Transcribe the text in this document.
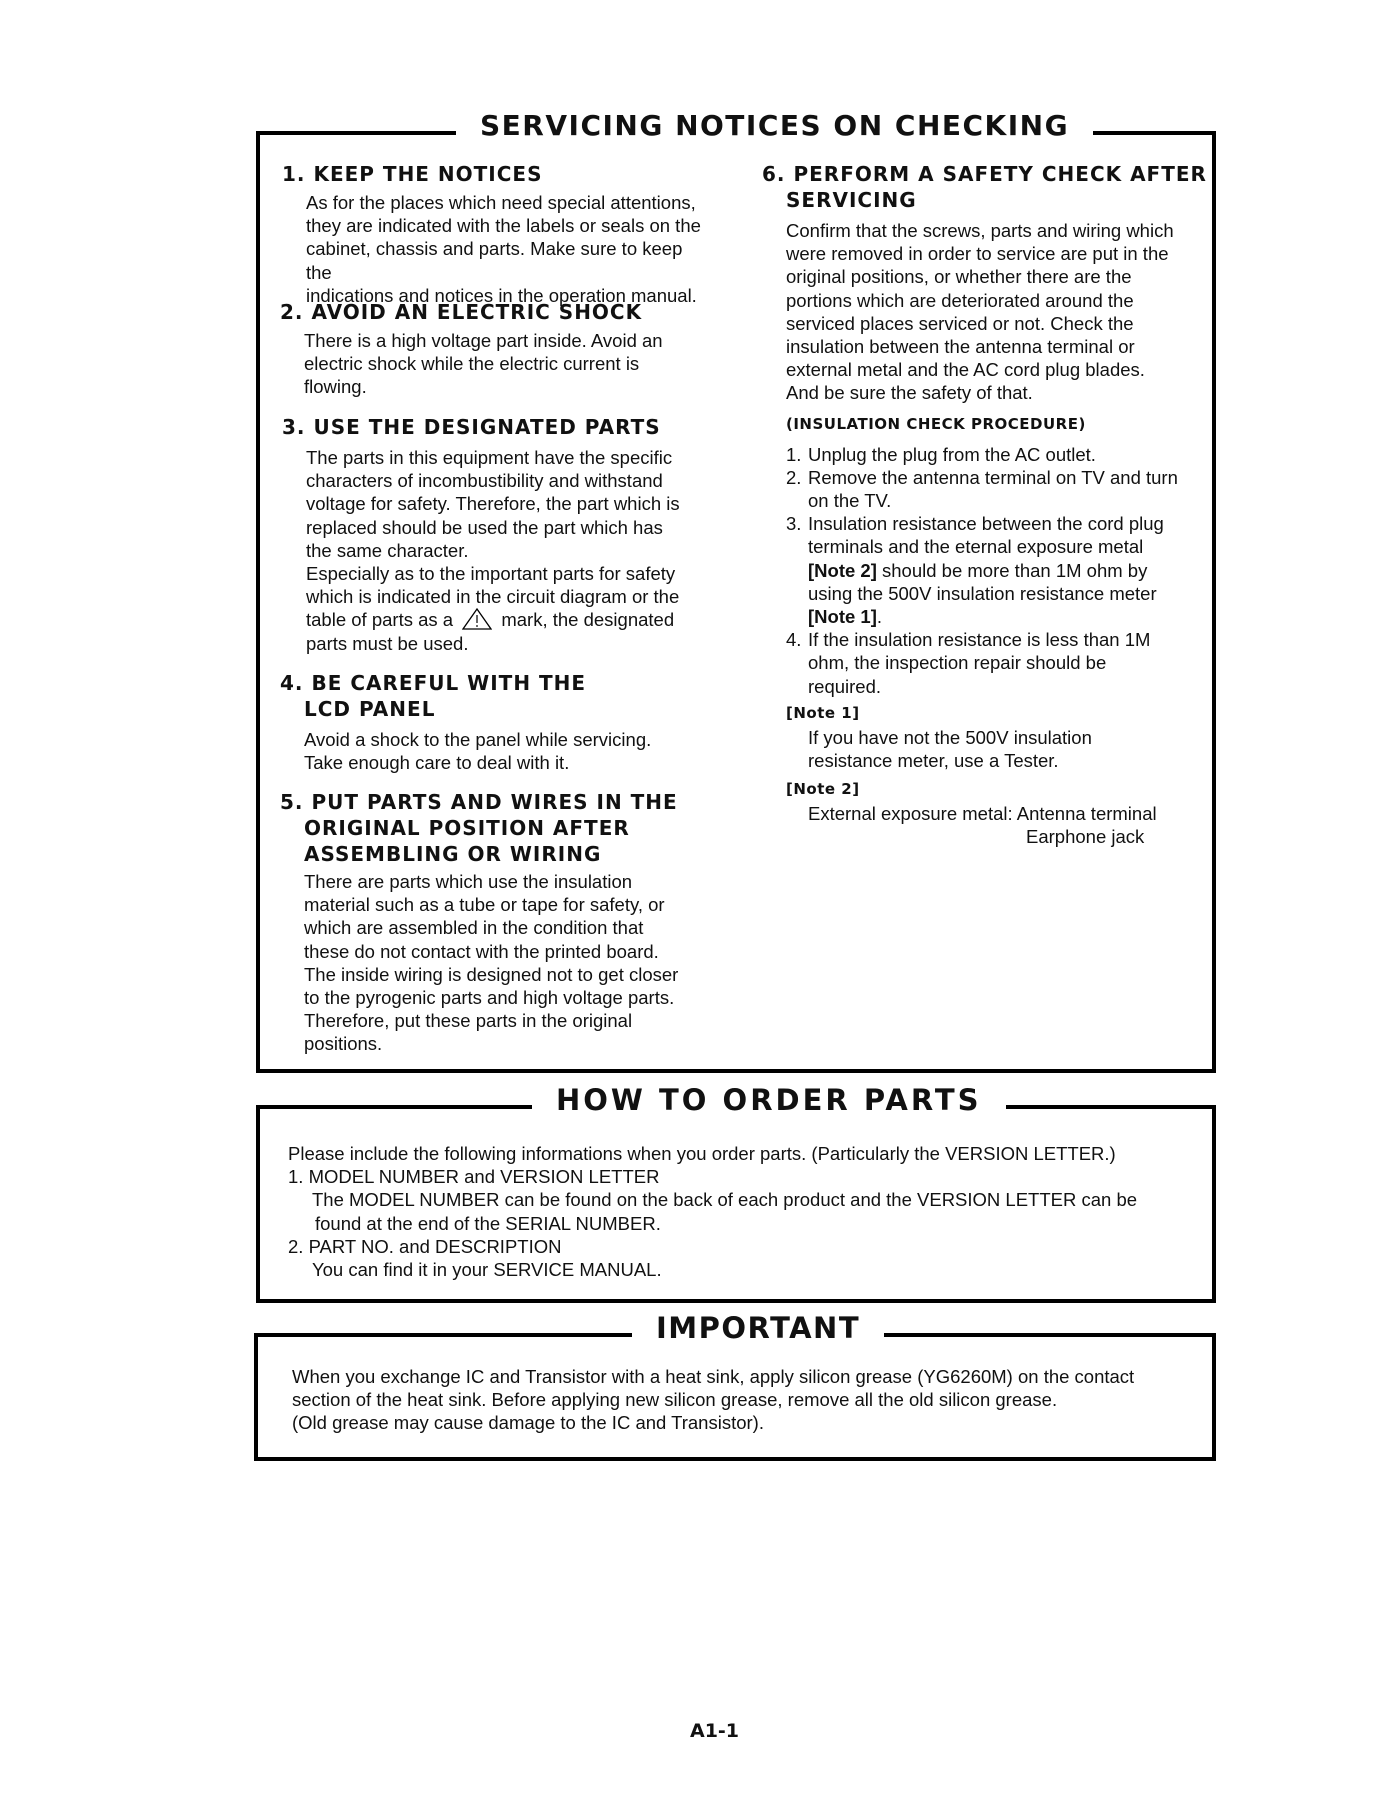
SERVICING NOTICES ON CHECKING

1. KEEP THE NOTICES

As for the places which need special attentions,
they are indicated with the labels or seals on the
cabinet, chassis and parts. Make sure to keep the
indications and notices in the operation manual.

2. AVOID AN ELECTRIC SHOCK

There is a high voltage part inside. Avoid an
electric shock while the electric current is
flowing.

3. USE THE DESIGNATED PARTS

The parts in this equipment have the specific
characters of incombustibility and withstand
voltage for safety. Therefore, the part which is
replaced should be used the part which has
the same character.
Especially as to the important parts for safety
which is indicated in the circuit diagram or the
table of parts as a	mark, the designated
parts must be used.

4. BE CAREFUL WITH THE
LCD PANEL

Avoid a shock to the panel while servicing.
Take enough care to deal with it.

5. PUT PARTS AND WIRES IN THE
ORIGINAL POSITION AFTER
ASSEMBLING OR WIRING

There are parts which use the insulation
material such as a tube or tape for safety, or
which are assembled in the condition that
these do not contact with the printed board.
The inside wiring is designed not to get closer
to the pyrogenic parts and high voltage parts.
Therefore, put these parts in the original
positions.

6. PERFORM A SAFETY CHECK AFTER
SERVICING

Confirm that the screws, parts and wiring which
were removed in order to service are put in the
original positions, or whether there are the
portions which are deteriorated around the
serviced places serviced or not. Check the
insulation between the antenna terminal or
external metal and the AC cord plug blades.
And be sure the safety of that.

(INSULATION CHECK PROCEDURE)

1. Unplug the plug from the AC outlet.
2. Remove the antenna terminal on TV and turn
on the TV.
3. Insulation resistance between the cord plug
terminals and the eternal exposure metal
[Note 2] should be more than 1M ohm by
using the 500V insulation resistance meter
[Note 1].
4. If the insulation resistance is less than 1M
ohm, the inspection repair should be
required.

[Note 1]

If you have not the 500V insulation
resistance meter, use a Tester.

[Note 2]

External exposure metal: Antenna terminal
Earphone jack
HOW TO ORDER PARTS
Please include the following informations when you order parts. (Particularly the VERSION LETTER.)
1. MODEL NUMBER and VERSION LETTER
The MODEL NUMBER can be found on the back of each product and the VERSION LETTER can be
found at the end of the SERIAL NUMBER.
2. PART NO. and DESCRIPTION
You can find it in your SERVICE MANUAL.
IMPORTANT
When you exchange IC and Transistor with a heat sink, apply silicon grease (YG6260M) on the contact
section of the heat sink. Before applying new silicon grease, remove all the old silicon grease.
(Old grease may cause damage to the IC and Transistor).
A1-1
